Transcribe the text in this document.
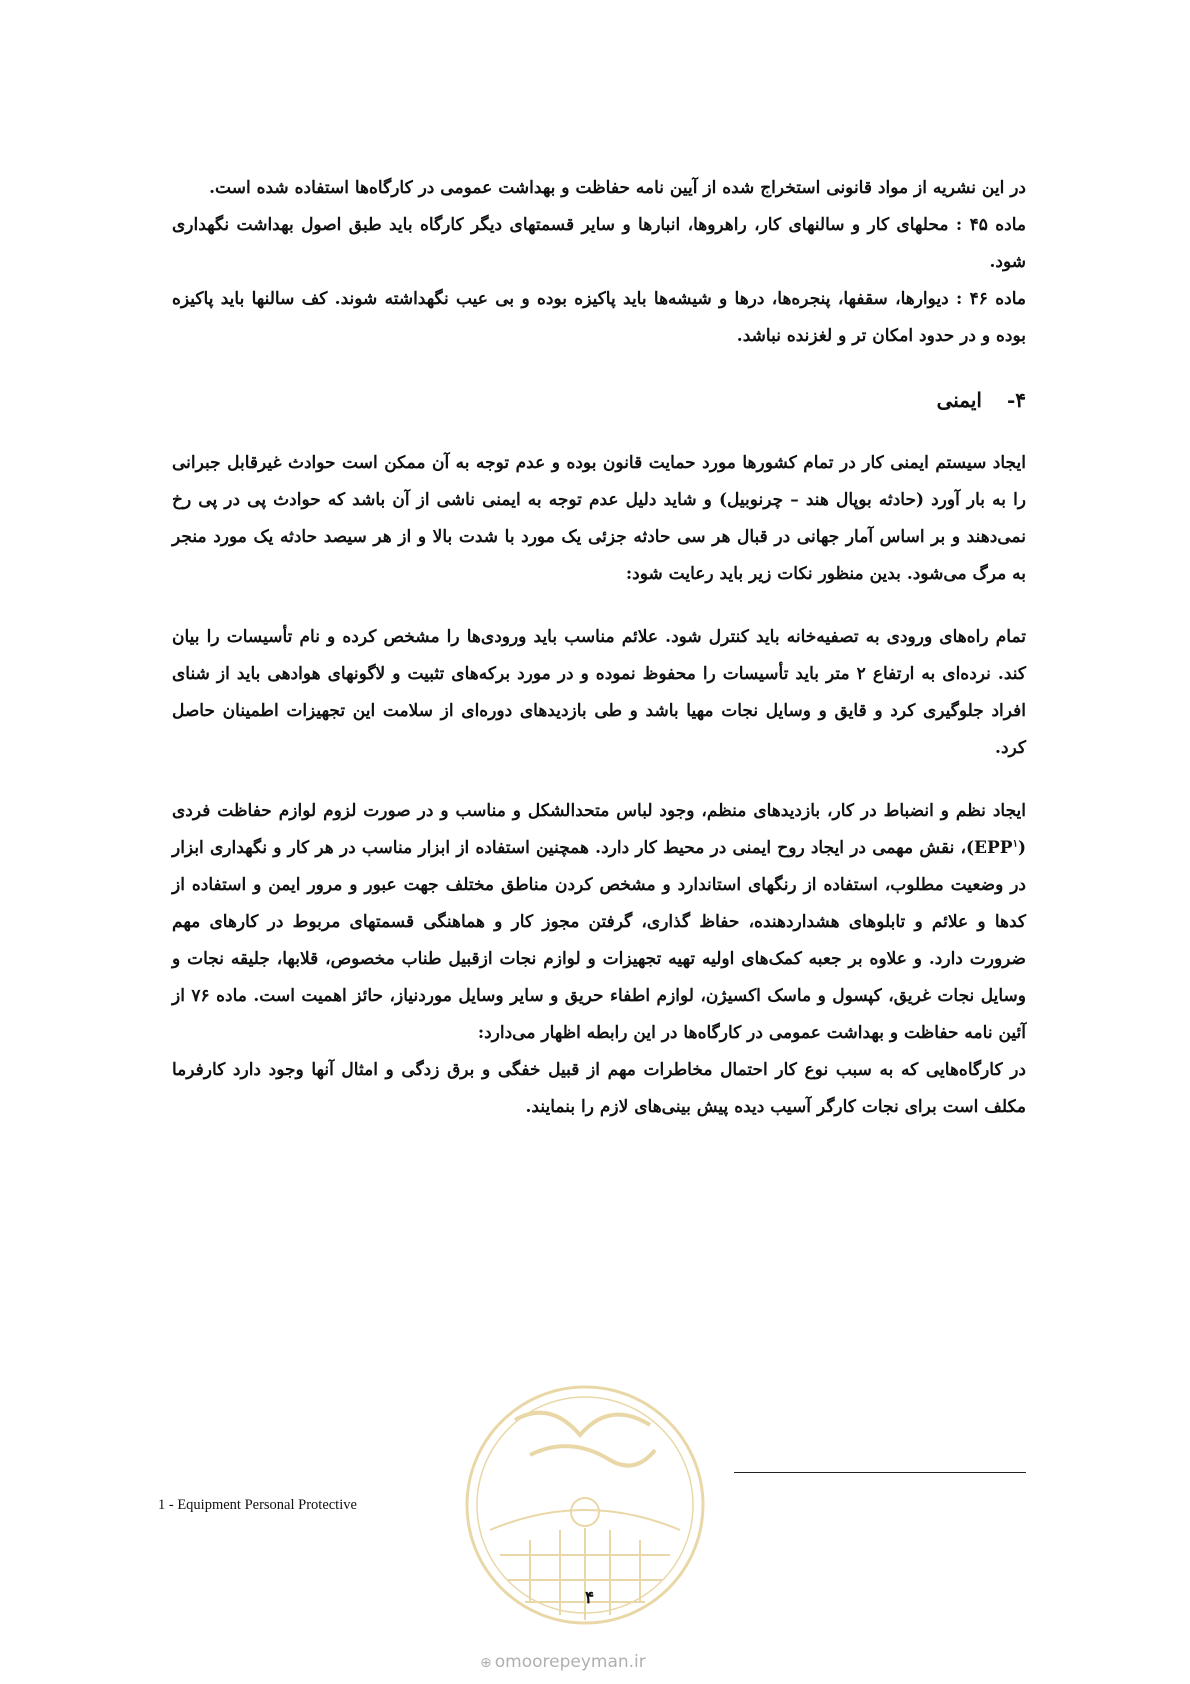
در این نشریه از مواد قانونی استخراج شده از آیین نامه حفاظت و بهداشت عمومی در کارگاه‌ها استفاده شده است.

ماده ۴۵ : محلهای کار و سالنهای کار، راهروها، انبارها و سایر قسمتهای دیگر کارگاه باید طبق اصول بهداشت نگهداری شود.

ماده ۴۶ : دیوارها، سقفها، پنجره‌ها، درها و شیشه‌ها باید پاکیزه بوده و بی عیب نگهداشته شوند. کف سالنها باید پاکیزه بوده و در حدود امکان تر و لغزنده نباشد.

۴- ایمنی

ایجاد سیستم ایمنی کار در تمام کشورها مورد حمایت قانون بوده و عدم توجه به آن ممکن است حوادث غیرقابل جبرانی را به بار آورد (حادثه بوپال هند – چرنوبیل) و شاید دلیل عدم توجه به ایمنی ناشی از آن باشد که حوادث پی در پی رخ نمی‌دهند و بر اساس آمار جهانی در قبال هر سی حادثه جزئی یک مورد با شدت بالا و از هر سیصد حادثه یک مورد منجر به مرگ می‌شود. بدین منظور نکات زیر باید رعایت شود:

تمام راه‌های ورودی به تصفیه‌خانه باید کنترل شود. علائم مناسب باید ورودی‌ها را مشخص کرده و نام تأسیسات را بیان کند. نرده‌ای به ارتفاع ۲ متر باید تأسیسات را محفوظ نموده و در مورد برکه‌های تثبیت و لاگونهای هوادهی باید از شنای افراد جلوگیری کرد و قایق و وسایل نجات مهیا باشد و طی بازدیدهای دوره‌ای از سلامت این تجهیزات اطمینان حاصل کرد.

ایجاد نظم و انضباط در کار، بازدیدهای منظم، وجود لباس متحدالشکل و مناسب و در صورت لزوم لوازم حفاظت فردی (EPP$^۱$)، نقش مهمی در ایجاد روح ایمنی در محیط کار دارد. همچنین استفاده از ابزار مناسب در هر کار و نگهداری ابزار در وضعیت مطلوب، استفاده از رنگهای استاندارد و مشخص کردن مناطق مختلف جهت عبور و مرور ایمن و استفاده از کدها و علائم و تابلوهای هشداردهنده، حفاظ گذاری، گرفتن مجوز کار و هماهنگی قسمتهای مربوط در کارهای مهم ضرورت دارد. و علاوه بر جعبه کمک‌های اولیه تهیه تجهیزات و لوازم نجات ازقبیل طناب مخصوص، قلابها، جلیقه نجات و وسایل نجات غریق، کپسول و ماسک اکسیژن، لوازم اطفاء حریق و سایر وسایل موردنیاز، حائز اهمیت است. ماده ۷۶ از آئین نامه حفاظت و بهداشت عمومی در کارگاه‌ها در این رابطه اظهار می‌دارد:

در کارگاه‌هایی که به سبب نوع کار احتمال مخاطرات مهم از قبیل خفگی و برق زدگی و امثال آنها وجود دارد کارفرما مکلف است برای نجات کارگر آسیب دیده پیش بینی‌های لازم را بنمایند.

1 - Equipment Personal Protective
۴
⊕ omoorepeyman.ir
